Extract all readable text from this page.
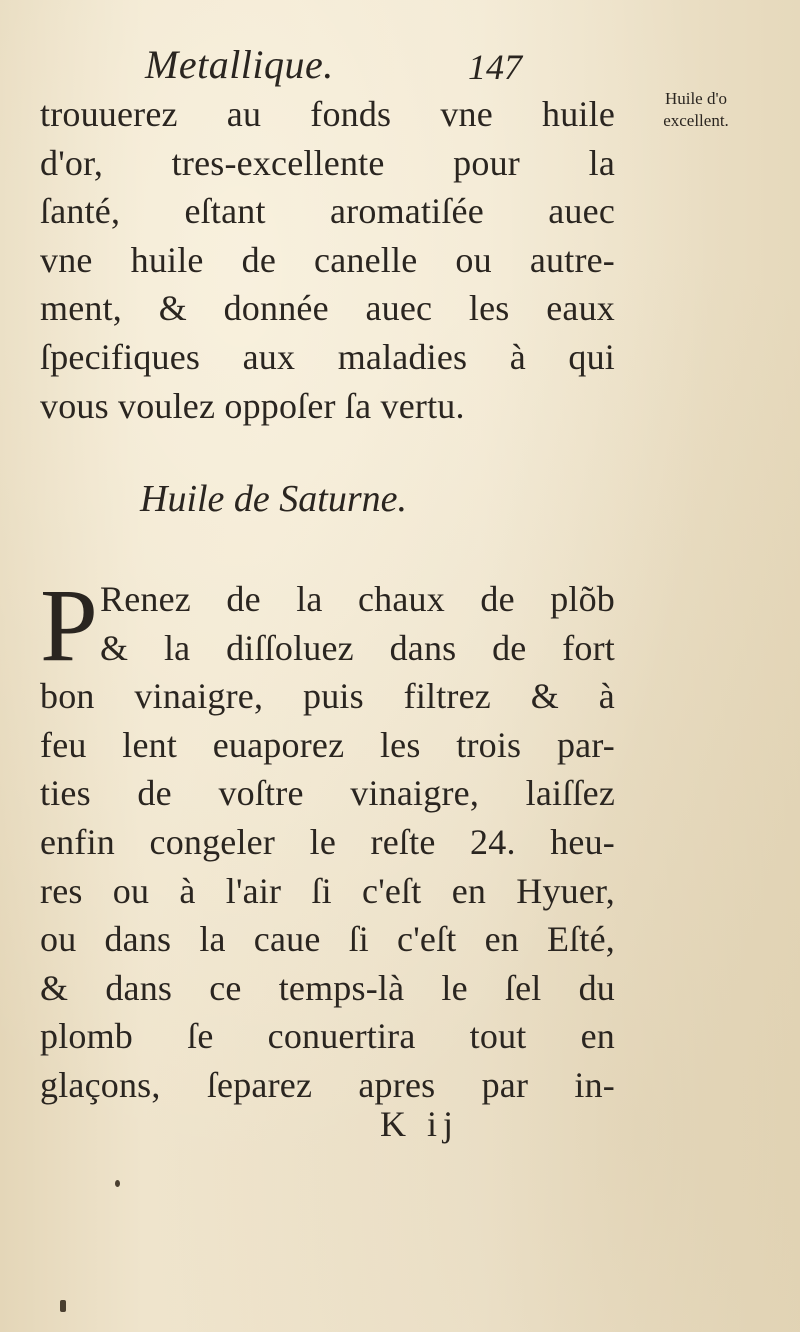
Metallique.	147
Huile d'o
excellent.
trouuerez au fonds vne huile
d'or, tres-excellente pour la
ſanté, eſtant aromatiſée auec
vne huile de canelle ou autre-
ment, & donnée auec les eaux
ſpecifiques aux maladies à qui
vous voulez oppoſer ſa vertu.
Huile de Saturne.
P Renez de la chaux de plõb
& la diſſoluez dans de fort
bon vinaigre, puis filtrez & à
feu lent euaporez les trois par-
ties de voſtre vinaigre, laiſſez
enfin congeler le reſte 24. heu-
res ou à l'air ſi c'eſt en Hyuer,
ou dans la caue ſi c'eſt en Eſté,
& dans ce temps-là le ſel du
plomb ſe conuertira tout en
glaçons, ſeparez apres par in-
K ij
